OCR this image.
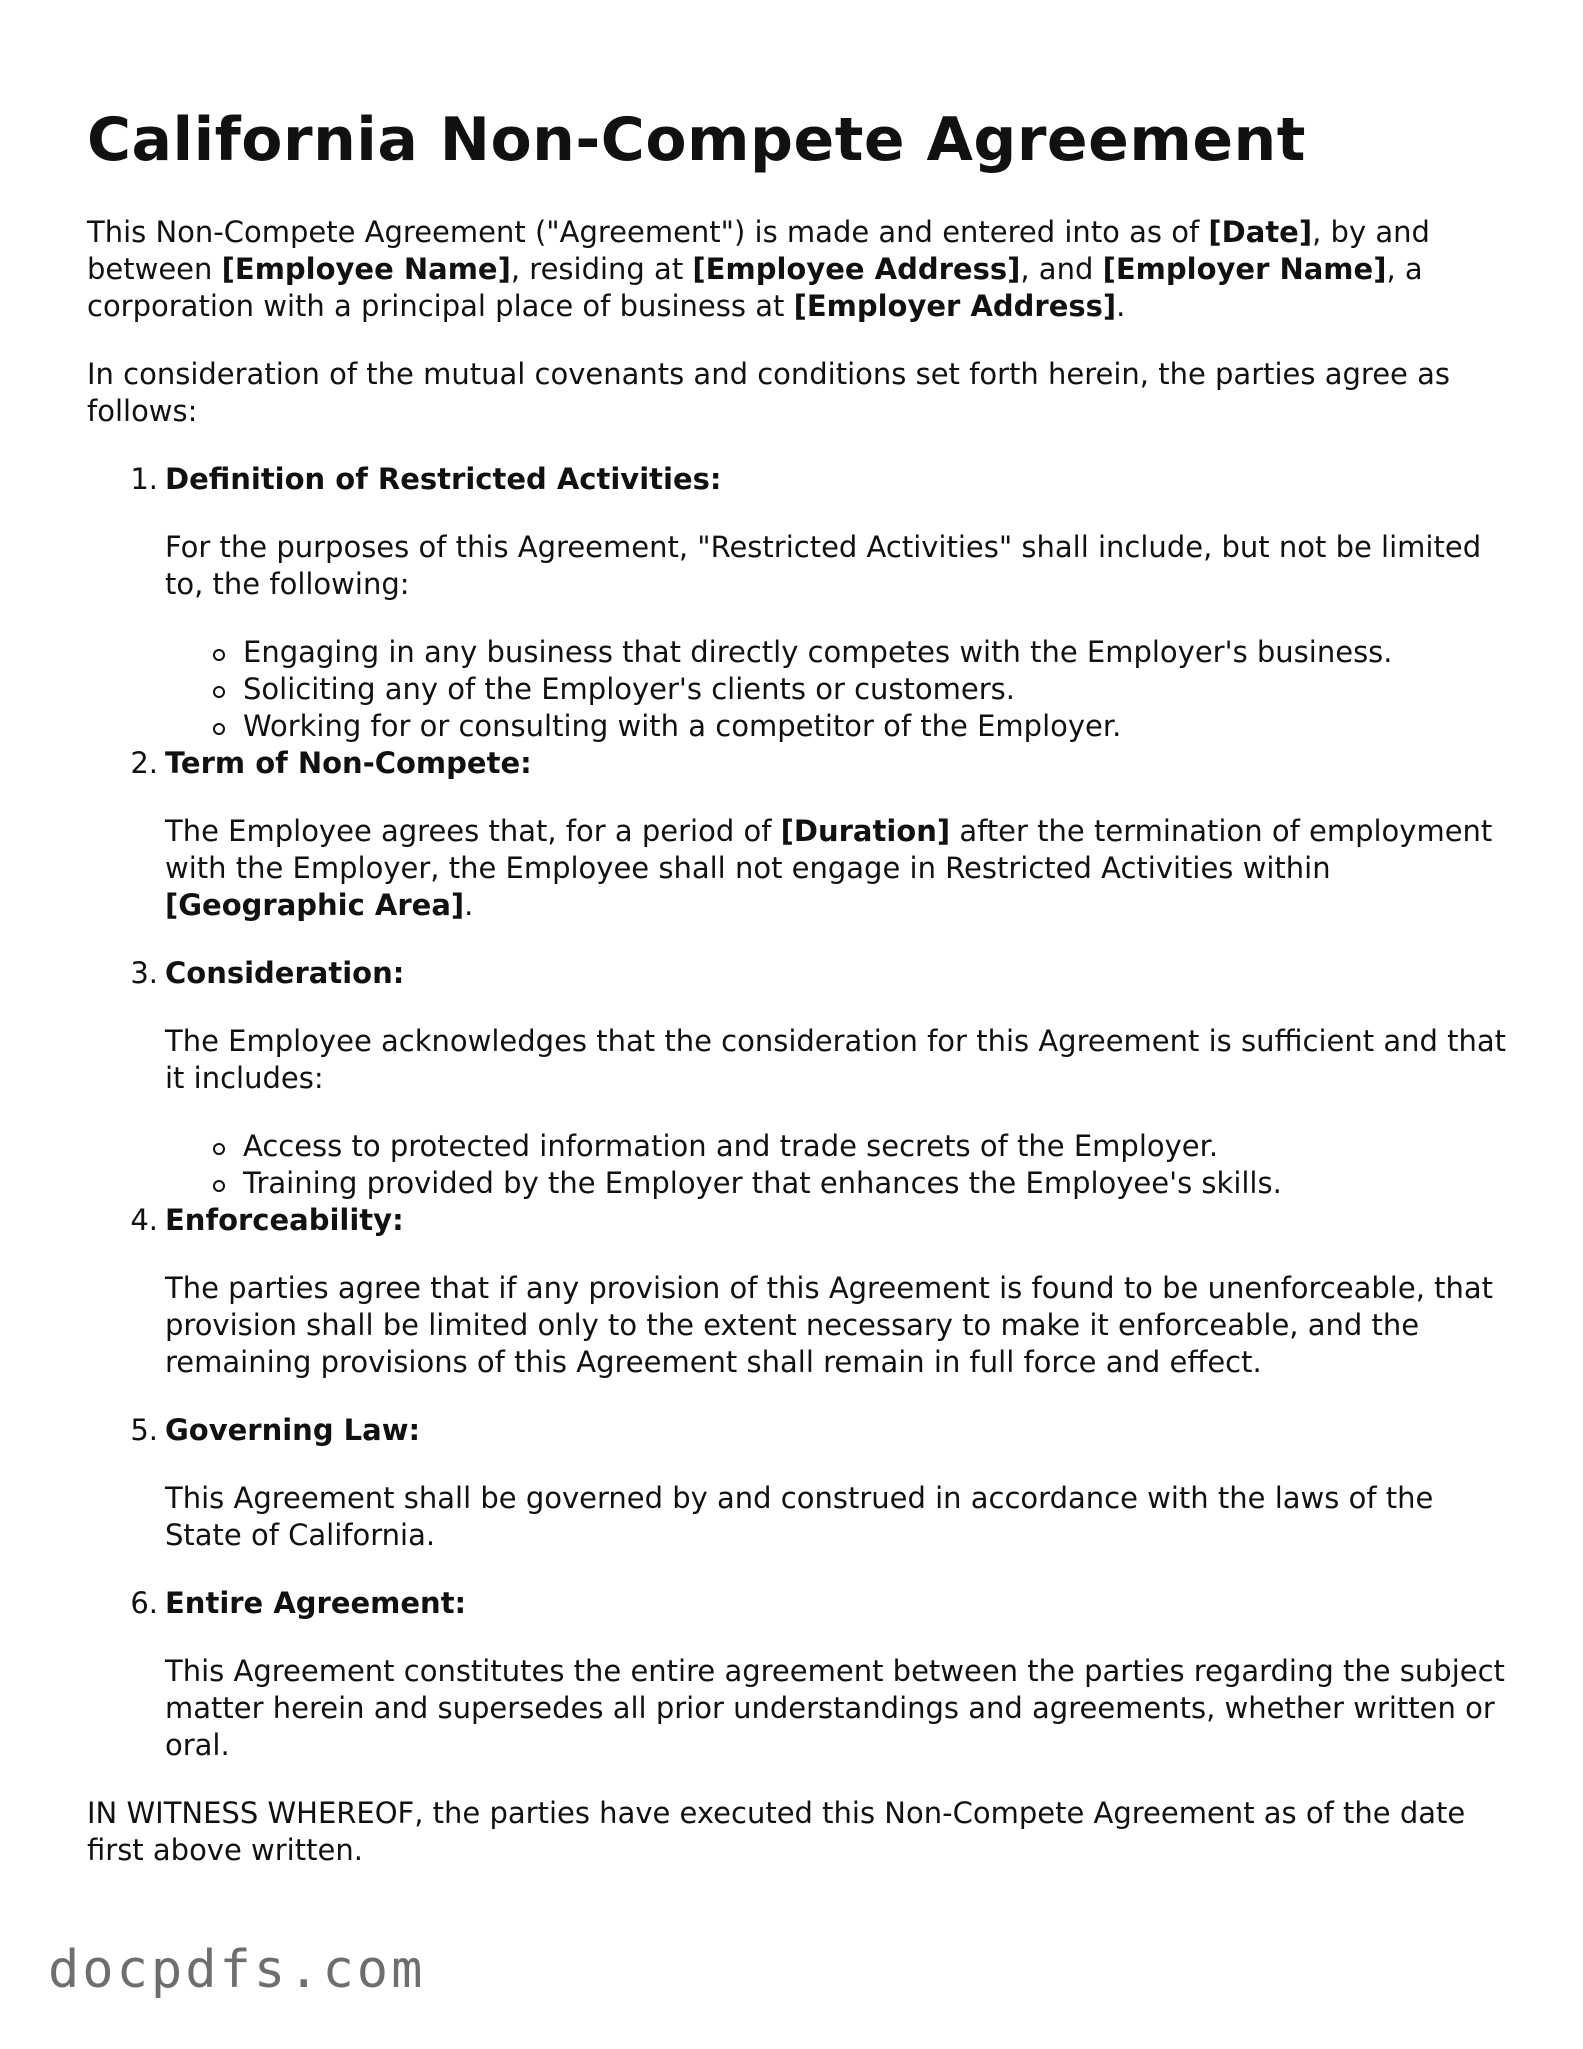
California Non-Compete Agreement

This Non-Compete Agreement ("Agreement") is made and entered into as of [Date], by and between [Employee Name], residing at [Employee Address], and [Employer Name], a corporation with a principal place of business at [Employer Address].

In consideration of the mutual covenants and conditions set forth herein, the parties agree as follows:

1. Definition of Restricted Activities:

For the purposes of this Agreement, "Restricted Activities" shall include, but not be limited to, the following:

Engaging in any business that directly competes with the Employer's business.
Soliciting any of the Employer's clients or customers.
Working for or consulting with a competitor of the Employer.
2. Term of Non-Compete:

The Employee agrees that, for a period of [Duration] after the termination of employment with the Employer, the Employee shall not engage in Restricted Activities within [Geographic Area].

3. Consideration:

The Employee acknowledges that the consideration for this Agreement is sufficient and that it includes:

Access to protected information and trade secrets of the Employer.
Training provided by the Employer that enhances the Employee's skills.
4. Enforceability:

The parties agree that if any provision of this Agreement is found to be unenforceable, that provision shall be limited only to the extent necessary to make it enforceable, and the remaining provisions of this Agreement shall remain in full force and effect.

5. Governing Law:

This Agreement shall be governed by and construed in accordance with the laws of the State of California.

6. Entire Agreement:

This Agreement constitutes the entire agreement between the parties regarding the subject matter herein and supersedes all prior understandings and agreements, whether written or oral.

IN WITNESS WHEREOF, the parties have executed this Non-Compete Agreement as of the date first above written.

docpdfs.com
